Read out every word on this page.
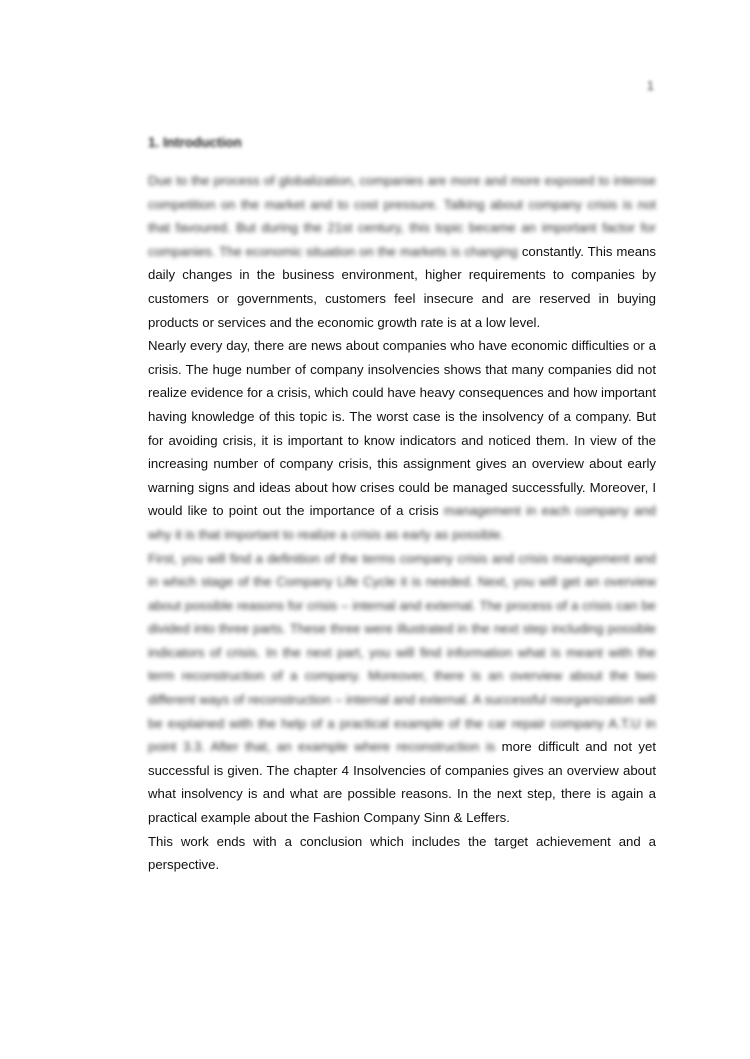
1
1. Introduction

Due to the process of globalization, companies are more and more exposed to intense competition on the market and to cost pressure. Talking about company crisis is not that favoured. But during the 21st century, this topic became an important factor for companies. The economic situation on the markets is changing constantly. This means daily changes in the business environment, higher requirements to companies by customers or governments, customers feel insecure and are reserved in buying products or services and the economic growth rate is at a low level.

Nearly every day, there are news about companies who have economic difficulties or a crisis. The huge number of company insolvencies shows that many companies did not realize evidence for a crisis, which could have heavy consequences and how important having knowledge of this topic is. The worst case is the insolvency of a company. But for avoiding crisis, it is important to know indicators and noticed them. In view of the increasing number of company crisis, this assignment gives an overview about early warning signs and ideas about how crises could be managed successfully. Moreover, I would like to point out the importance of a crisis management in each company and why it is that important to realize a crisis as early as possible.

First, you will find a definition of the terms company crisis and crisis management and in which stage of the Company Life Cycle it is needed. Next, you will get an overview about possible reasons for crisis – internal and external. The process of a crisis can be divided into three parts. These three were illustrated in the next step including possible indicators of crisis. In the next part, you will find information what is meant with the term reconstruction of a company. Moreover, there is an overview about the two different ways of reconstruction – internal and external. A successful reorganization will be explained with the help of a practical example of the car repair company A.T.U in point 3.3. After that, an example where reconstruction is more difficult and not yet successful is given. The chapter 4 Insolvencies of companies gives an overview about what insolvency is and what are possible reasons. In the next step, there is again a practical example about the Fashion Company Sinn & Leffers.

This work ends with a conclusion which includes the target achievement and a perspective.
